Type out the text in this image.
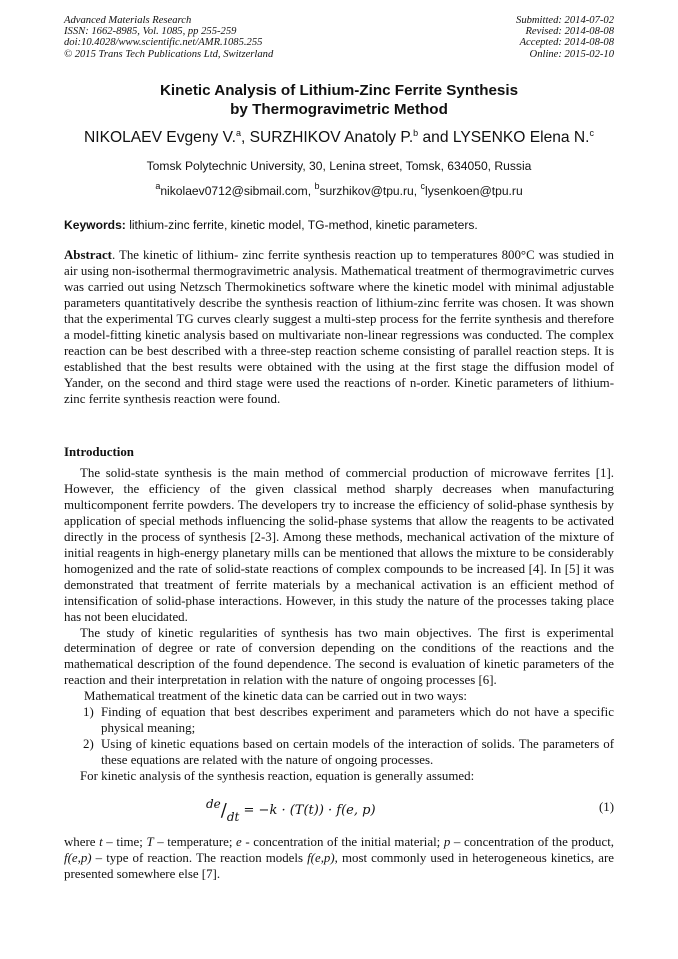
Advanced Materials Research
ISSN: 1662-8985, Vol. 1085, pp 255-259
doi:10.4028/www.scientific.net/AMR.1085.255
© 2015 Trans Tech Publications Ltd, Switzerland
Submitted: 2014-07-02
Revised: 2014-08-08
Accepted: 2014-08-08
Online: 2015-02-10
Kinetic Analysis of Lithium-Zinc Ferrite Synthesis
by Thermogravimetric Method
NIKOLAEV Evgeny V.$^a$, SURZHIKOV Anatoly P.$^b$ and LYSENKO Elena N.$^c$
Tomsk Polytechnic University, 30, Lenina street, Tomsk, 634050, Russia
$^a$nikolaev0712@sibmail.com, $^b$surzhikov@tpu.ru, $^c$lysenkoen@tpu.ru
Keywords: lithium-zinc ferrite, kinetic model, TG-method, kinetic parameters.
Abstract. The kinetic of lithium- zinc ferrite synthesis reaction up to temperatures 800°C was studied in air using non-isothermal thermogravimetric analysis. Mathematical treatment of thermogravimetric curves was carried out using Netzsch Thermokinetics software where the kinetic model with minimal adjustable parameters quantitatively describe the synthesis reaction of lithium-zinc ferrite was chosen. It was shown that the experimental TG curves clearly suggest a multi-step process for the ferrite synthesis and therefore a model-fitting kinetic analysis based on multivariate non-linear regressions was conducted. The complex reaction can be best described with a three-step reaction scheme consisting of parallel reaction steps. It is established that the best results were obtained with the using at the first stage the diffusion model of Yander, on the second and third stage were used the reactions of n-order. Kinetic parameters of lithium-zinc ferrite synthesis reaction were found.
Introduction

The solid-state synthesis is the main method of commercial production of microwave ferrites [1]. However, the efficiency of the given classical method sharply decreases when manufacturing multicomponent ferrite powders. The developers try to increase the efficiency of solid-phase synthesis by application of special methods influencing the solid-phase systems that allow the reagents to be activated directly in the process of synthesis [2-3]. Among these methods, mechanical activation of the mixture of initial reagents in high-energy planetary mills can be mentioned that allows the mixture to be considerably homogenized and the rate of solid-state reactions of complex compounds to be increased [4]. In [5] it was demonstrated that treatment of ferrite materials by a mechanical activation is an efficient method of intensification of solid-phase interactions. However, in this study the nature of the processes taking place has not been elucidated.

The study of kinetic regularities of synthesis has two main objectives. The first is experimental determination of degree or rate of conversion depending on the conditions of the reactions and the mathematical description of the found dependence. The second is evaluation of kinetic parameters of the reaction and their interpretation in relation with the nature of ongoing processes [6].

Mathematical treatment of the kinetic data can be carried out in two ways:

1) Finding of equation that best describes experiment and parameters which do not have a specific physical meaning;
2) Using of kinetic equations based on certain models of the interaction of solids. The parameters of these equations are related with the nature of ongoing processes.

For kinetic analysis of the synthesis reaction, equation is generally assumed:

de/dt = −k · (T(t)) · f(e, p)	(1)
where t – time; T – temperature; e - concentration of the initial material; p – concentration of the product, f(e,p) – type of reaction. The reaction models f(e,p), most commonly used in heterogeneous kinetics, are presented somewhere else [7].
